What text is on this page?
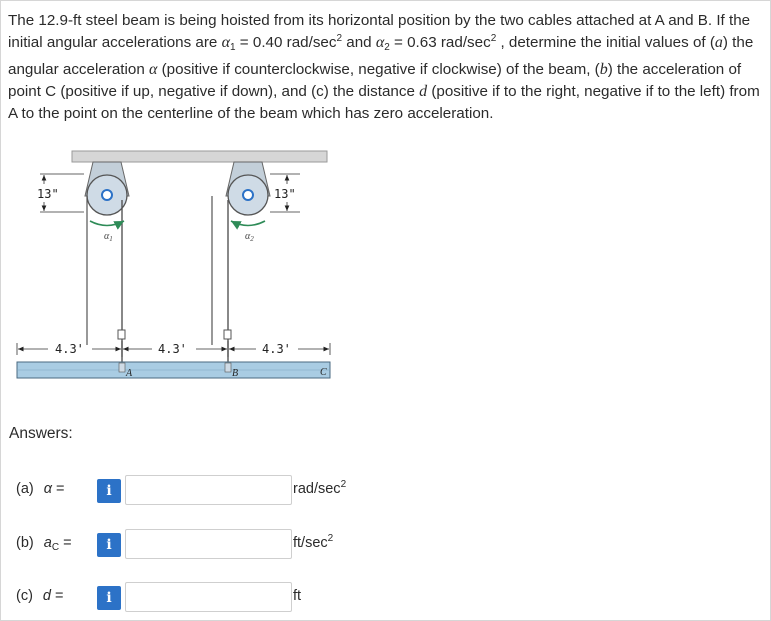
The 12.9-ft steel beam is being hoisted from its horizontal position by the two cables attached at A and B. If the initial angular accelerations are $\alpha_1 = 0.40$ rad/$\sec^2$ and $\alpha_2 = 0.63$ rad/$\sec^2$ , determine the initial values of (a) the angular acceleration α (positive if counterclockwise, negative if clockwise) of the beam, (b) the acceleration of point C (positive if up, negative if down), and (c) the distance d (positive if to the right, negative if to the left) from A to the point on the centerline of the beam which has zero acceleration.
13"	13"
$\alpha_1$	$\alpha_2$
4.3'	4.3'	4.3'
A	B	C
Answers:
(a) α =	i	rad/$\sec^2$
(b) $a_C$ =	i	$ft/\sec^2$
(c) d =	i	ft
